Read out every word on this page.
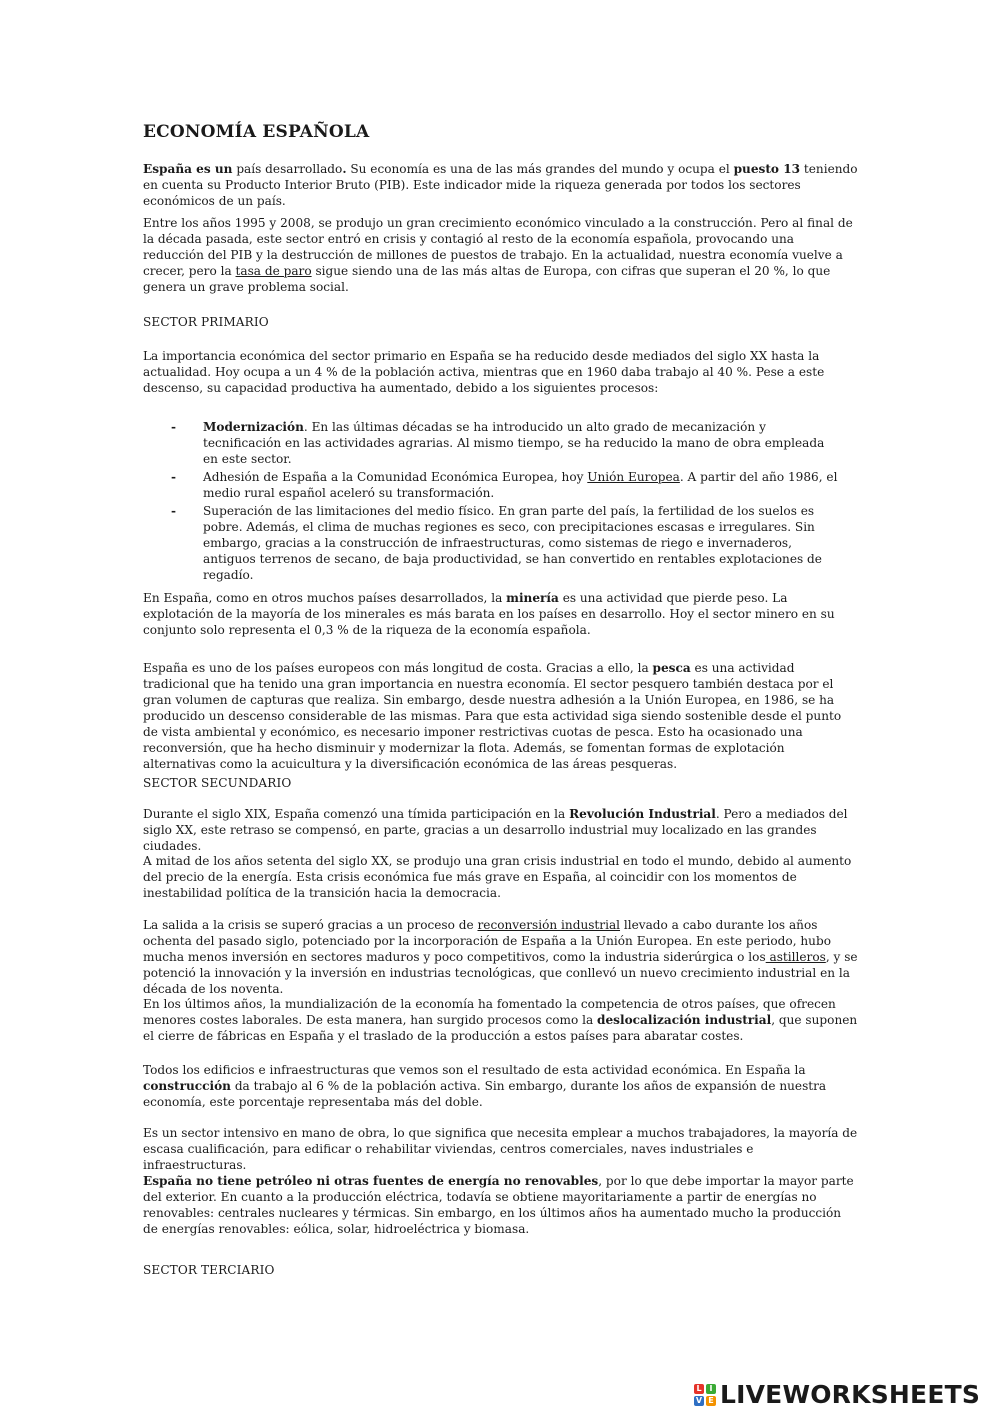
ECONOMÍA ESPAÑOLA

España es un país desarrollado. Su economía es una de las más grandes del mundo y ocupa el puesto 13 teniendo en cuenta su Producto Interior Bruto (PIB). Este indicador mide la riqueza generada por todos los sectores económicos de un país.

Entre los años 1995 y 2008, se produjo un gran crecimiento económico vinculado a la construcción. Pero al final de la década pasada, este sector entró en crisis y contagió al resto de la economía española, provocando una reducción del PIB y la destrucción de millones de puestos de trabajo. En la actualidad, nuestra economía vuelve a crecer, pero la tasa de paro sigue siendo una de las más altas de Europa, con cifras que superan el 20 %, lo que genera un grave problema social.

SECTOR PRIMARIO
La importancia económica del sector primario en España se ha reducido desde mediados del siglo XX hasta la actualidad. Hoy ocupa a un 4 % de la población activa, mientras que en 1960 daba trabajo al 40 %. Pese a este descenso, su capacidad productiva ha aumentado, debido a los siguientes procesos:
- Modernización. En las últimas décadas se ha introducido un alto grado de mecanización y tecnificación en las actividades agrarias. Al mismo tiempo, se ha reducido la mano de obra empleada en este sector.
- Adhesión de España a la Comunidad Económica Europea, hoy Unión Europea. A partir del año 1986, el medio rural español aceleró su transformación.
- Superación de las limitaciones del medio físico. En gran parte del país, la fertilidad de los suelos es pobre. Además, el clima de muchas regiones es seco, con precipitaciones escasas e irregulares. Sin embargo, gracias a la construcción de infraestructuras, como sistemas de riego e invernaderos, antiguos terrenos de secano, de baja productividad, se han convertido en rentables explotaciones de regadío.

En España, como en otros muchos países desarrollados, la minería es una actividad que pierde peso. La explotación de la mayoría de los minerales es más barata en los países en desarrollo. Hoy el sector minero en su conjunto solo representa el 0,3 % de la riqueza de la economía española.

España es uno de los países europeos con más longitud de costa. Gracias a ello, la pesca es una actividad tradicional que ha tenido una gran importancia en nuestra economía. El sector pesquero también destaca por el gran volumen de capturas que realiza. Sin embargo, desde nuestra adhesión a la Unión Europea, en 1986, se ha producido un descenso considerable de las mismas. Para que esta actividad siga siendo sostenible desde el punto de vista ambiental y económico, es necesario imponer restrictivas cuotas de pesca. Esto ha ocasionado una reconversión, que ha hecho disminuir y modernizar la flota. Además, se fomentan formas de explotación alternativas como la acuicultura y la diversificación económica de las áreas pesqueras.

SECTOR SECUNDARIO

Durante el siglo XIX, España comenzó una tímida participación en la Revolución Industrial. Pero a mediados del siglo XX, este retraso se compensó, en parte, gracias a un desarrollo industrial muy localizado en las grandes ciudades.

A mitad de los años setenta del siglo XX, se produjo una gran crisis industrial en todo el mundo, debido al aumento del precio de la energía. Esta crisis económica fue más grave en España, al coincidir con los momentos de inestabilidad política de la transición hacia la democracia.

La salida a la crisis se superó gracias a un proceso de reconversión industrial llevado a cabo durante los años ochenta del pasado siglo, potenciado por la incorporación de España a la Unión Europea. En este periodo, hubo mucha menos inversión en sectores maduros y poco competitivos, como la industria siderúrgica o los astilleros, y se potenció la innovación y la inversión en industrias tecnológicas, que conllevó un nuevo crecimiento industrial en la década de los noventa.

En los últimos años, la mundialización de la economía ha fomentado la competencia de otros países, que ofrecen menores costes laborales. De esta manera, han surgido procesos como la deslocalización industrial, que suponen el cierre de fábricas en España y el traslado de la producción a estos países para abaratar costes.

Todos los edificios e infraestructuras que vemos son el resultado de esta actividad económica. En España la construcción da trabajo al 6 % de la población activa. Sin embargo, durante los años de expansión de nuestra economía, este porcentaje representaba más del doble.

Es un sector intensivo en mano de obra, lo que significa que necesita emplear a muchos trabajadores, la mayoría de escasa cualificación, para edificar o rehabilitar viviendas, centros comerciales, naves industriales e infraestructuras.

España no tiene petróleo ni otras fuentes de energía no renovables, por lo que debe importar la mayor parte del exterior. En cuanto a la producción eléctrica, todavía se obtiene mayoritariamente a partir de energías no renovables: centrales nucleares y térmicas. Sin embargo, en los últimos años ha aumentado mucho la producción de energías renovables: eólica, solar, hidroeléctrica y biomasa.

SECTOR TERCIARIO
L I
V E LIVEWORKSHEETS
